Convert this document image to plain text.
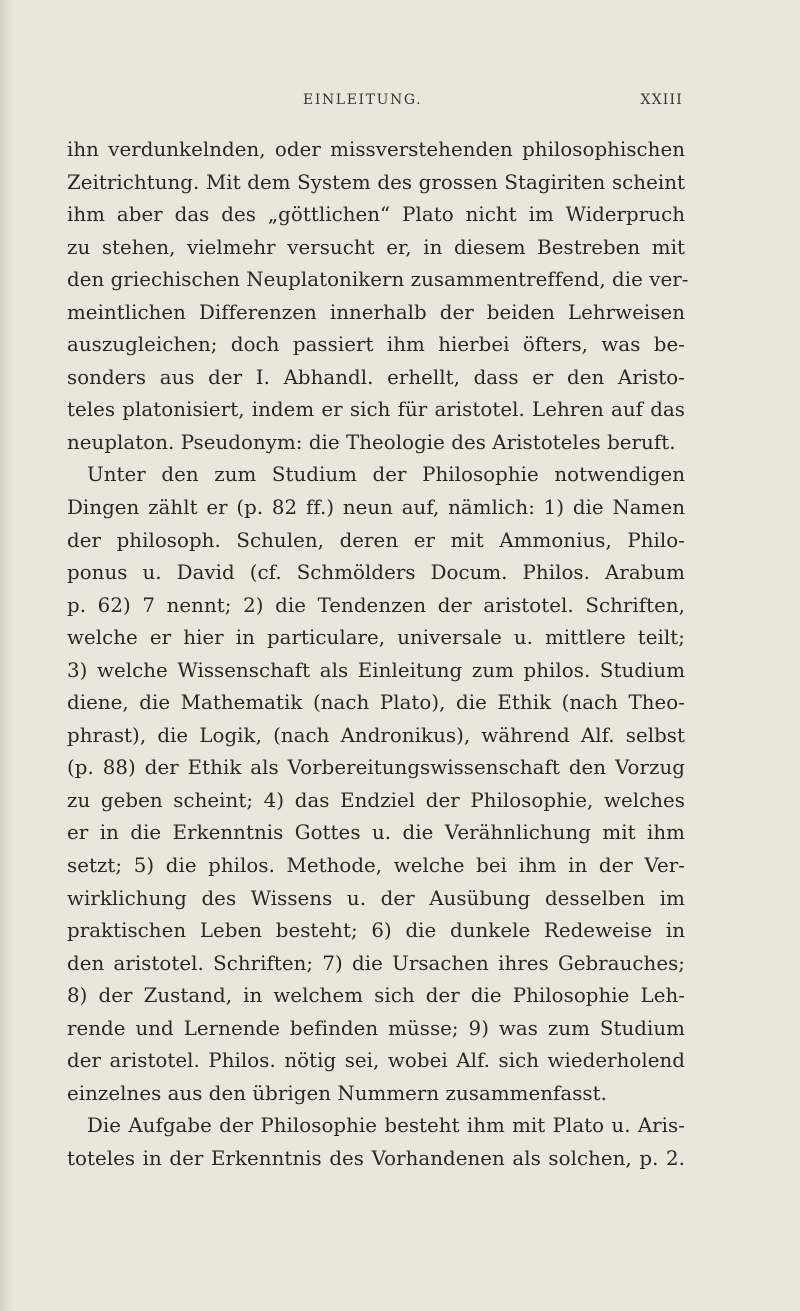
EINLEITUNG.	XXIII
ihn verdunkelnden, oder missverstehenden philosophischen
Zeitrichtung. Mit dem System des grossen Stagiriten scheint
ihm aber das des „göttlichen“ Plato nicht im Widerpruch
zu stehen, vielmehr versucht er, in diesem Bestreben mit
den griechischen Neuplatonikern zusammentreffend, die ver-
meintlichen Differenzen innerhalb der beiden Lehrweisen
auszugleichen; doch passiert ihm hierbei öfters, was be-
sonders aus der I. Abhandl. erhellt, dass er den Aristo-
teles platonisiert, indem er sich für aristotel. Lehren auf das
neuplaton. Pseudonym: die Theologie des Aristoteles beruft.
Unter den zum Studium der Philosophie notwendigen
Dingen zählt er (p. 82 ff.) neun auf, nämlich: 1) die Namen
der philosoph. Schulen, deren er mit Ammonius, Philo-
ponus u. David (cf. Schmölders Docum. Philos. Arabum
p. 62) 7 nennt; 2) die Tendenzen der aristotel. Schriften,
welche er hier in particulare, universale u. mittlere teilt;
3) welche Wissenschaft als Einleitung zum philos. Studium
diene, die Mathematik (nach Plato), die Ethik (nach Theo-
phrast), die Logik, (nach Andronikus), während Alf. selbst
(p. 88) der Ethik als Vorbereitungswissenschaft den Vorzug
zu geben scheint; 4) das Endziel der Philosophie, welches
er in die Erkenntnis Gottes u. die Verähnlichung mit ihm
setzt; 5) die philos. Methode, welche bei ihm in der Ver-
wirklichung des Wissens u. der Ausübung desselben im
praktischen Leben besteht; 6) die dunkele Redeweise in
den aristotel. Schriften; 7) die Ursachen ihres Gebrauches;
8) der Zustand, in welchem sich der die Philosophie Leh-
rende und Lernende befinden müsse; 9) was zum Studium
der aristotel. Philos. nötig sei, wobei Alf. sich wiederholend
einzelnes aus den übrigen Nummern zusammenfasst.
Die Aufgabe der Philosophie besteht ihm mit Plato u. Aris-
toteles in der Erkenntnis des Vorhandenen als solchen, p. 2.
